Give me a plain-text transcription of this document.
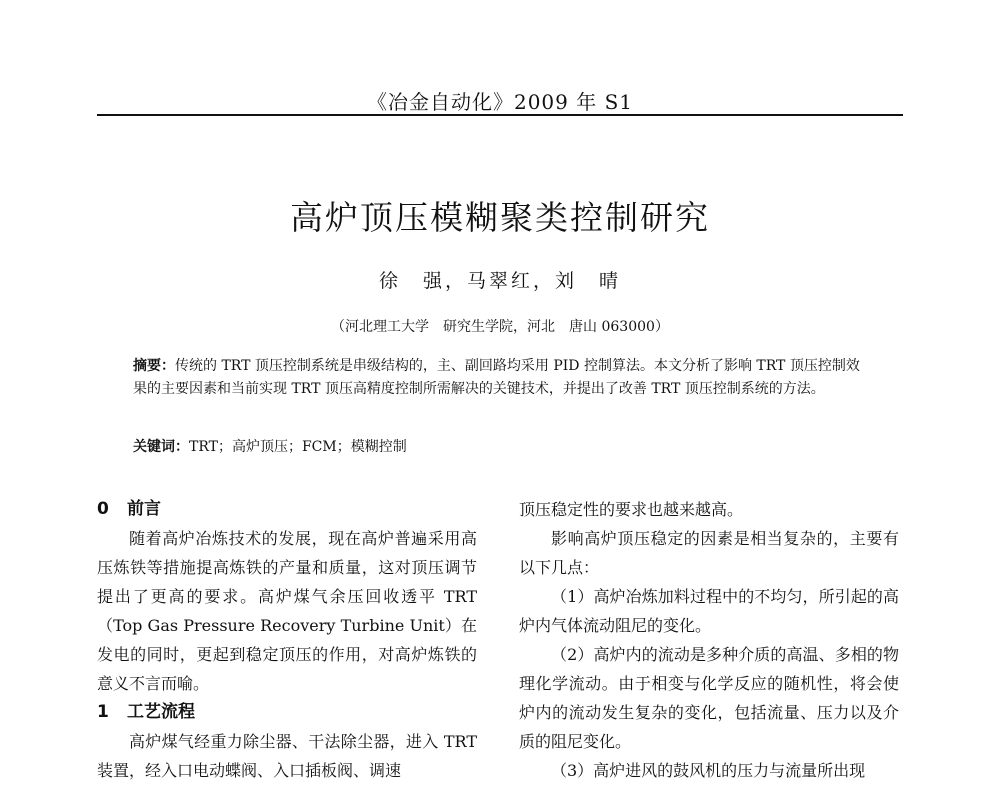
《冶金自动化》2009 年 S1
高炉顶压模糊聚类控制研究
徐　强，马翠红，刘　晴
（河北理工大学　研究生学院，河北　唐山 063000）
摘要：传统的 TRT 顶压控制系统是串级结构的，主、副回路均采用 PID 控制算法。本文分析了影响 TRT 顶压控制效果的主要因素和当前实现 TRT 顶压高精度控制所需解决的关键技术，并提出了改善 TRT 顶压控制系统的方法。
关键词：TRT；高炉顶压；FCM；模糊控制

0 前言

随着高炉冶炼技术的发展，现在高炉普遍采用高压炼铁等措施提高炼铁的产量和质量，这对顶压调节提出了更高的要求。高炉煤气余压回收透平 TRT（Top Gas Pressure Recovery Turbine Unit）在发电的同时，更起到稳定顶压的作用，对高炉炼铁的意义不言而喻。

1 工艺流程

高炉煤气经重力除尘器、干法除尘器，进入 TRT 装置，经入口电动蝶阀、入口插板阀、调速

顶压稳定性的要求也越来越高。

影响高炉顶压稳定的因素是相当复杂的，主要有以下几点：

（1）高炉冶炼加料过程中的不均匀，所引起的高炉内气体流动阻尼的变化。

（2）高炉内的流动是多种介质的高温、多相的物理化学流动。由于相变与化学反应的随机性，将会使炉内的流动发生复杂的变化，包括流量、压力以及介质的阻尼变化。

（3）高炉进风的鼓风机的压力与流量所出现
